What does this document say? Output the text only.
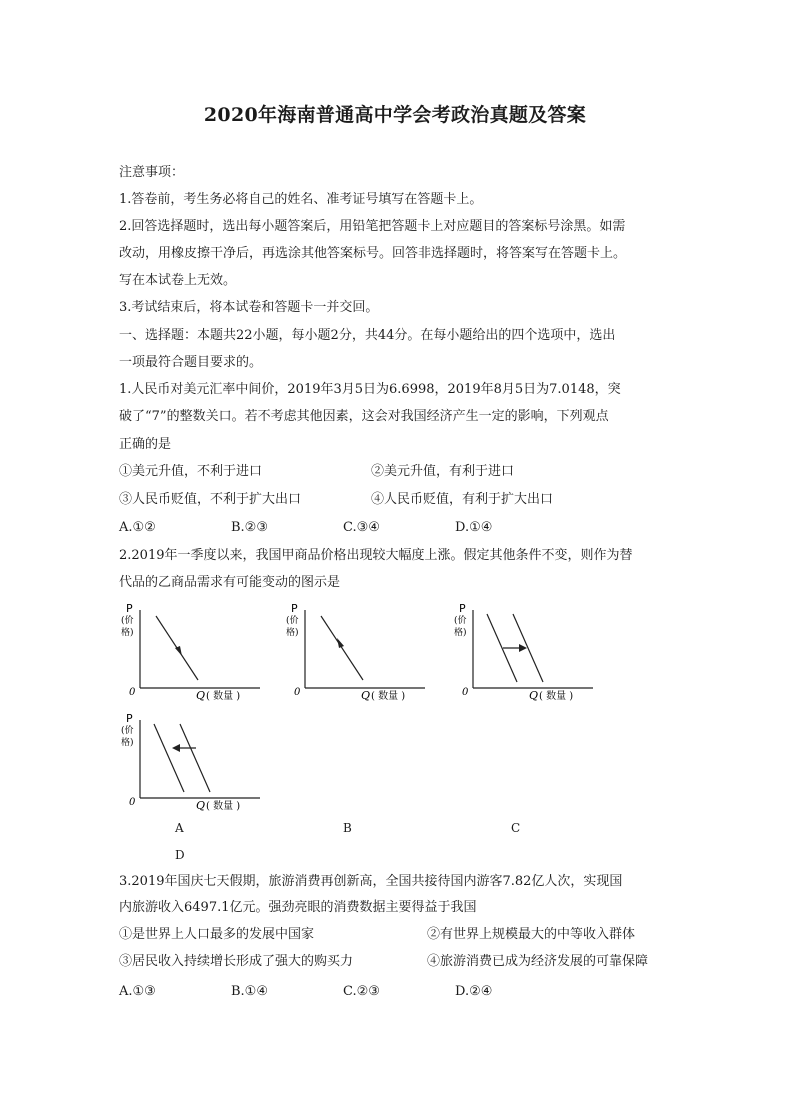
2020年海南普通高中学会考政治真题及答案
注意事项：
1.答卷前，考生务必将自己的姓名、准考证号填写在答题卡上。
2.回答选择题时，选出每小题答案后，用铅笔把答题卡上对应题目的答案标号涂黑。如需
改动，用橡皮擦干净后，再选涂其他答案标号。回答非选择题时，将答案写在答题卡上。
写在本试卷上无效。
3.考试结束后，将本试卷和答题卡一并交回。
一、选择题：本题共22小题，每小题2分，共44分。在每小题给出的四个选项中，选出
一项最符合题目要求的。
1.人民币对美元汇率中间价，2019年3月5日为6.6998，2019年8月5日为7.0148，突
破了“7”的整数关口。若不考虑其他因素，这会对我国经济产生一定的影响，下列观点
正确的是
①美元升值，不利于进口	②美元升值，有利于进口
③人民币贬值，不利于扩大出口	④人民币贬值，有利于扩大出口
A.①②	B.②③	C.③④	D.①④
2.2019年一季度以来，我国甲商品价格出现较大幅度上涨。假定其他条件不变，则作为替
代品的乙商品需求有可能变动的图示是
P
(价
格)
0	Q ( 数量 )
P
(价
格)
0	Q ( 数量 )
P
(价
格)
0	Q ( 数量 )
P
(价
格)
0	Q ( 数量 )
A	B	C
D
3.2019年国庆七天假期，旅游消费再创新高，全国共接待国内游客7.82亿人次，实现国
内旅游收入6497.1亿元。强劲亮眼的消费数据主要得益于我国
①是世界上人口最多的发展中国家	②有世界上规模最大的中等收入群体
③居民收入持续增长形成了强大的购买力	④旅游消费已成为经济发展的可靠保障
A.①③	B.①④	C.②③	D.②④
